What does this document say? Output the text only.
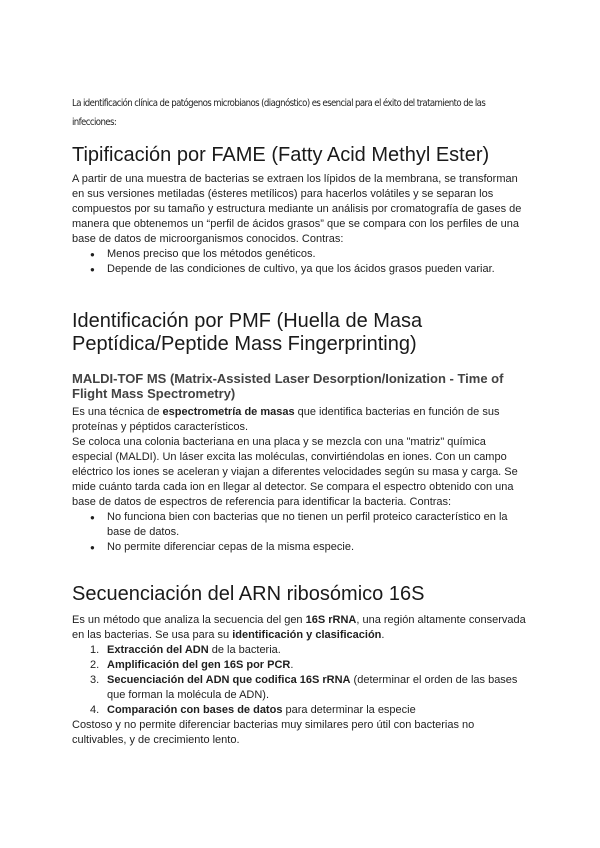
La identificación clínica de patógenos microbianos (diagnóstico) es esencial para el éxito del tratamiento de las infecciones:

Tipificación por FAME (Fatty Acid Methyl Ester)

A partir de una muestra de bacterias se extraen los lípidos de la membrana, se transforman en sus versiones metiladas (ésteres metílicos) para hacerlos volátiles y se separan los compuestos por su tamaño y estructura mediante un análisis por cromatografía de gases de manera que obtenemos un “perfil de ácidos grasos” que se compara con los perfiles de una base de datos de microorganismos conocidos. Contras:

● Menos preciso que los métodos genéticos.
● Depende de las condiciones de cultivo, ya que los ácidos grasos pueden variar.
Identificación por PMF (Huella de Masa Peptídica/Peptide Mass Fingerprinting)
MALDI-TOF MS (Matrix-Assisted Laser Desorption/Ionization - Time of Flight Mass Spectrometry)

Es una técnica de espectrometría de masas que identifica bacterias en función de sus proteínas y péptidos característicos.

Se coloca una colonia bacteriana en una placa y se mezcla con una "matriz" química especial (MALDI). Un láser excita las moléculas, convirtiéndolas en iones. Con un campo eléctrico los iones se aceleran y viajan a diferentes velocidades según su masa y carga. Se mide cuánto tarda cada ion en llegar al detector. Se compara el espectro obtenido con una base de datos de espectros de referencia para identificar la bacteria. Contras:

● No funciona bien con bacterias que no tienen un perfil proteico característico en la base de datos.
● No permite diferenciar cepas de la misma especie.
Secuenciación del ARN ribosómico 16S

Es un método que analiza la secuencia del gen 16S rRNA, una región altamente conservada en las bacterias. Se usa para su identificación y clasificación.

1. Extracción del ADN de la bacteria.
2. Amplificación del gen 16S por PCR.
3. Secuenciación del ADN que codifica 16S rRNA (determinar el orden de las bases que forman la molécula de ADN).
4. Comparación con bases de datos para determinar la especie

Costoso y no permite diferenciar bacterias muy similares pero útil con bacterias no cultivables, y de crecimiento lento.
